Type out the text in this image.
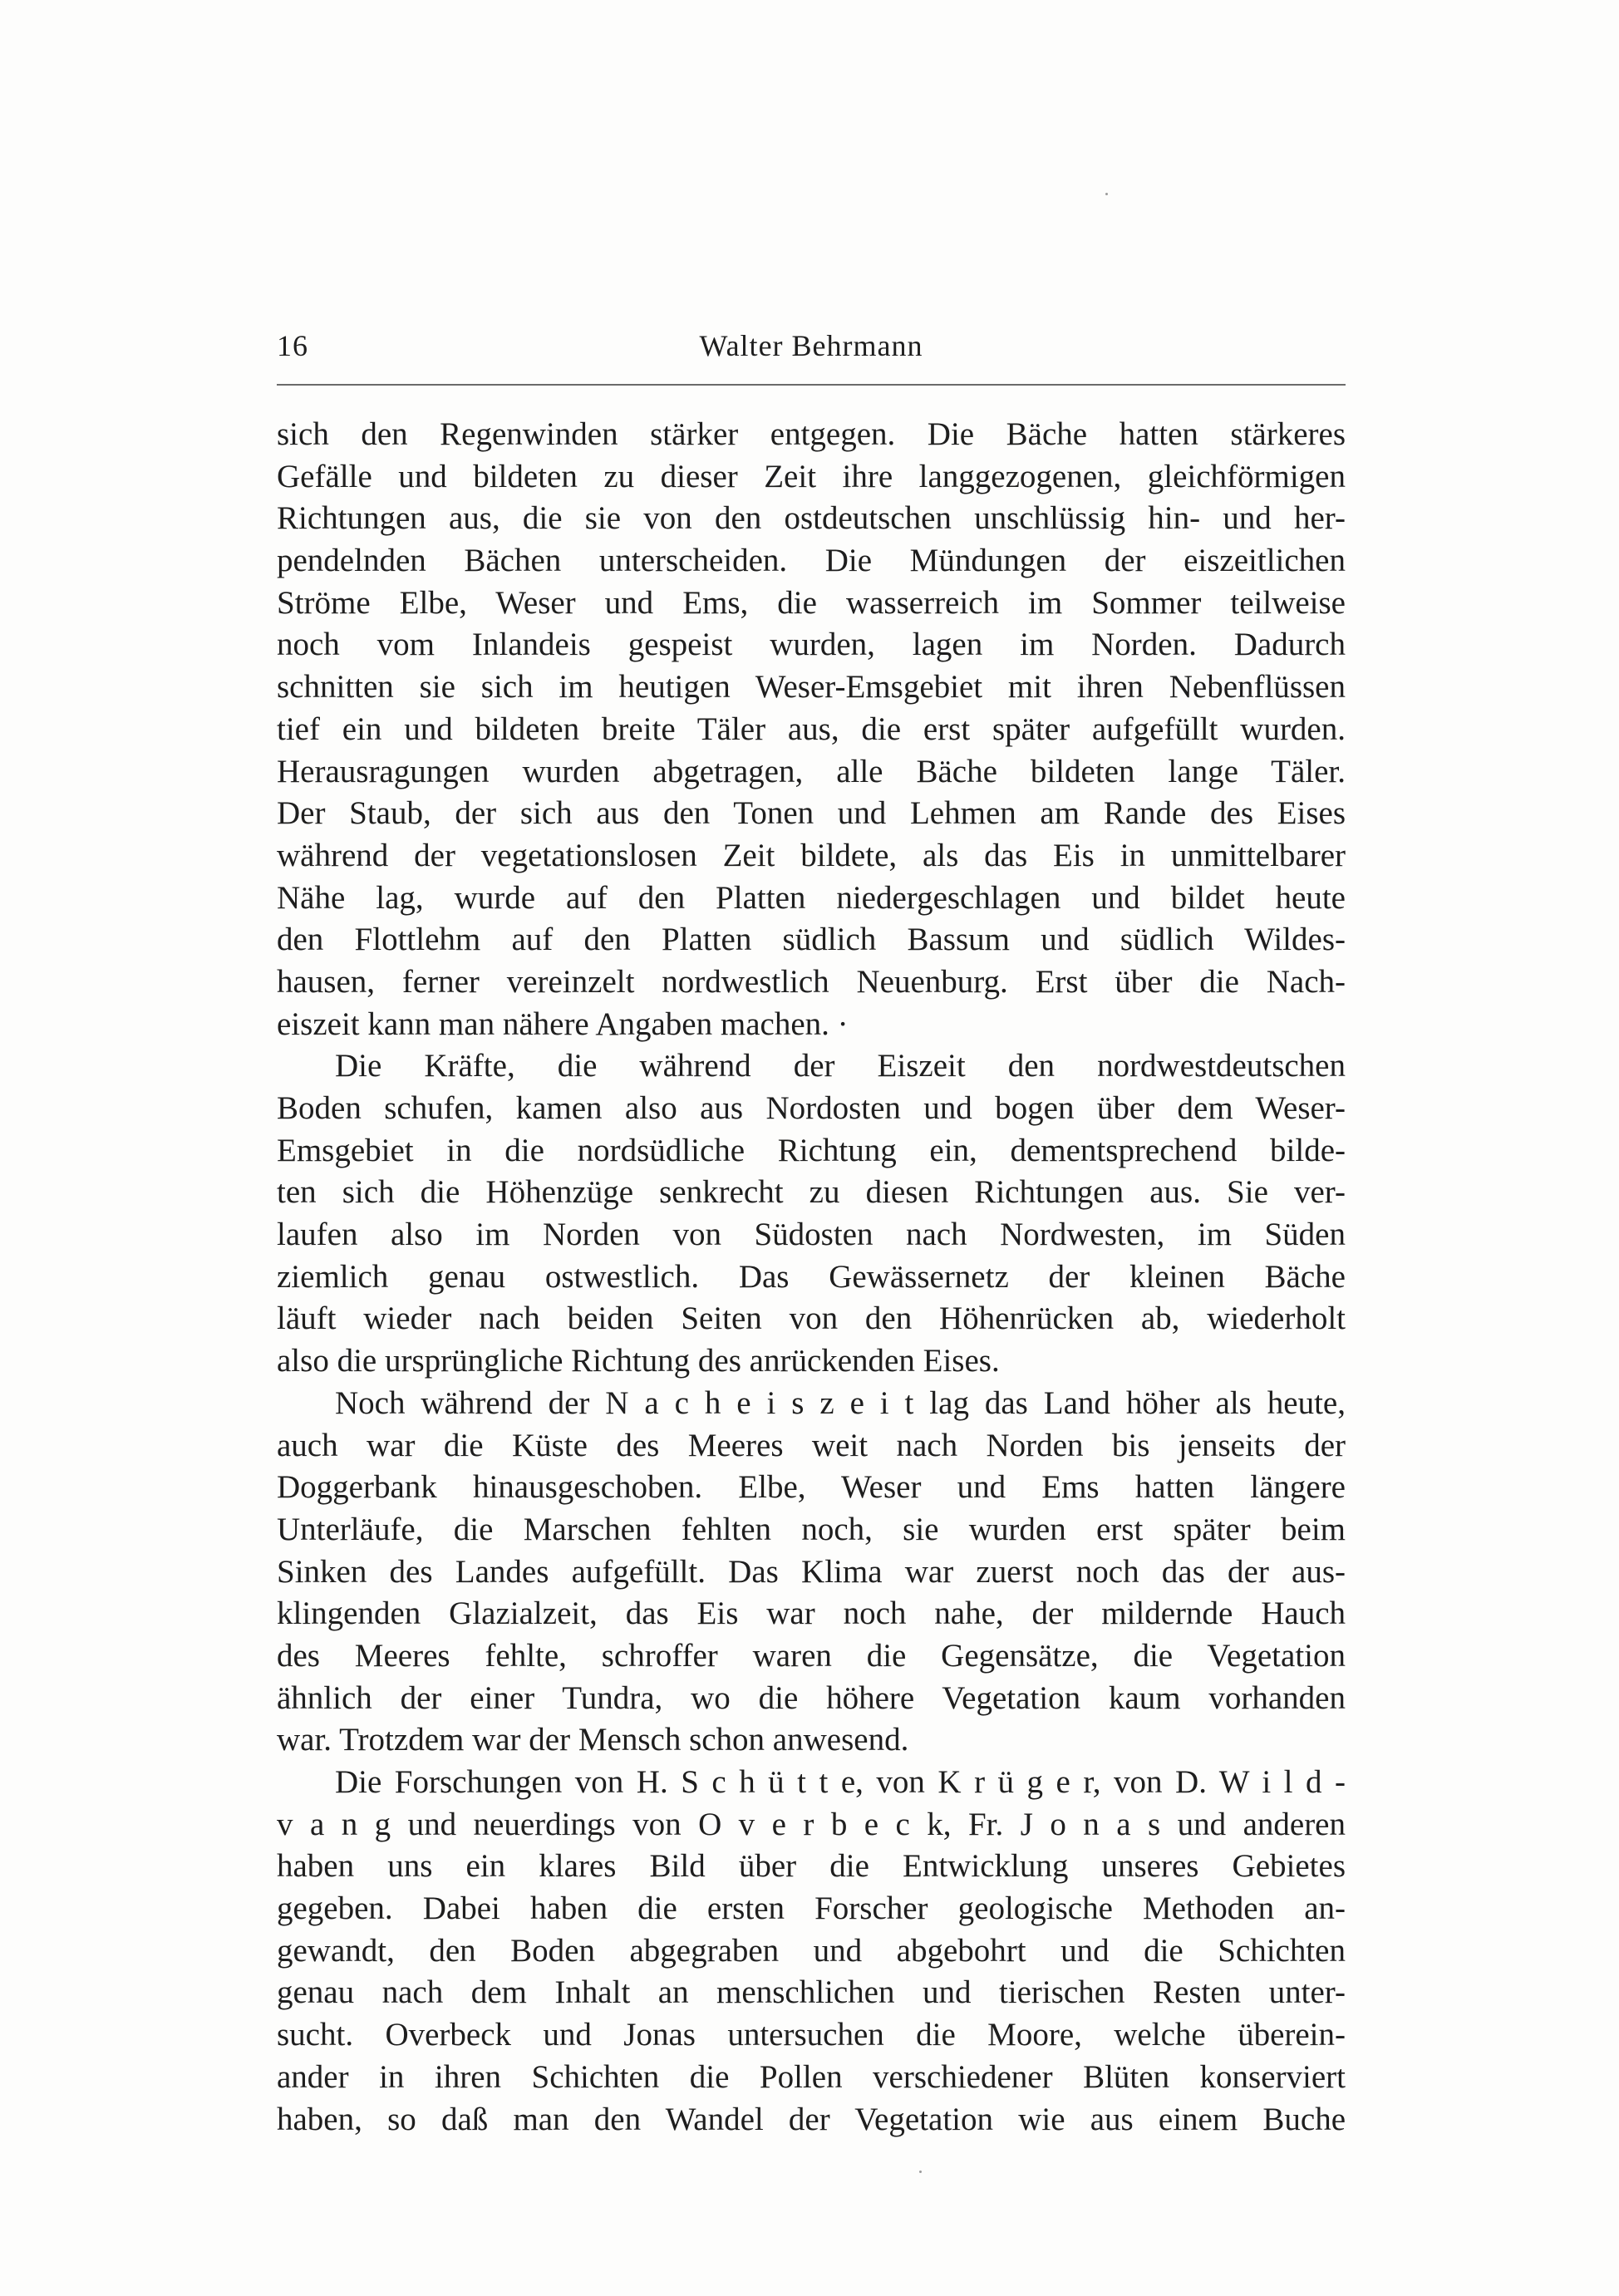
16	Walter Behrmann
sich den Regenwinden stärker entgegen. Die Bäche hatten stärkeres
Gefälle und bildeten zu dieser Zeit ihre langgezogenen, gleichförmigen
Richtungen aus, die sie von den ostdeutschen unschlüssig hin- und her-
pendelnden Bächen unterscheiden. Die Mündungen der eiszeitlichen
Ströme Elbe, Weser und Ems, die wasserreich im Sommer teilweise
noch vom Inlandeis gespeist wurden, lagen im Norden. Dadurch
schnitten sie sich im heutigen Weser-Emsgebiet mit ihren Nebenflüssen
tief ein und bildeten breite Täler aus, die erst später aufgefüllt wurden.
Herausragungen wurden abgetragen, alle Bäche bildeten lange Täler.
Der Staub, der sich aus den Tonen und Lehmen am Rande des Eises
während der vegetationslosen Zeit bildete, als das Eis in unmittelbarer
Nähe lag, wurde auf den Platten niedergeschlagen und bildet heute
den Flottlehm auf den Platten südlich Bassum und südlich Wildes-
hausen, ferner vereinzelt nordwestlich Neuenburg. Erst über die Nach-
eiszeit kann man nähere Angaben machen. ·
Die Kräfte, die während der Eiszeit den nordwestdeutschen
Boden schufen, kamen also aus Nordosten und bogen über dem Weser-
Emsgebiet in die nordsüdliche Richtung ein, dementsprechend bilde-
ten sich die Höhenzüge senkrecht zu diesen Richtungen aus. Sie ver-
laufen also im Norden von Südosten nach Nordwesten, im Süden
ziemlich genau ostwestlich. Das Gewässernetz der kleinen Bäche
läuft wieder nach beiden Seiten von den Höhenrücken ab, wiederholt
also die ursprüngliche Richtung des anrückenden Eises.
Noch während der N a c h e i s z e i t lag das Land höher als heute,
auch war die Küste des Meeres weit nach Norden bis jenseits der
Doggerbank hinausgeschoben. Elbe, Weser und Ems hatten längere
Unterläufe, die Marschen fehlten noch, sie wurden erst später beim
Sinken des Landes aufgefüllt. Das Klima war zuerst noch das der aus-
klingenden Glazialzeit, das Eis war noch nahe, der mildernde Hauch
des Meeres fehlte, schroffer waren die Gegensätze, die Vegetation
ähnlich der einer Tundra, wo die höhere Vegetation kaum vorhanden
war. Trotzdem war der Mensch schon anwesend.
Die Forschungen von H. S c h ü t t e, von K r ü g e r, von D. W i l d -
v a n g und neuerdings von O v e r b e c k, Fr. J o n a s und anderen
haben uns ein klares Bild über die Entwicklung unseres Gebietes
gegeben. Dabei haben die ersten Forscher geologische Methoden an-
gewandt, den Boden abgegraben und abgebohrt und die Schichten
genau nach dem Inhalt an menschlichen und tierischen Resten unter-
sucht. Overbeck und Jonas untersuchen die Moore, welche überein-
ander in ihren Schichten die Pollen verschiedener Blüten konserviert
haben, so daß man den Wandel der Vegetation wie aus einem Buche
